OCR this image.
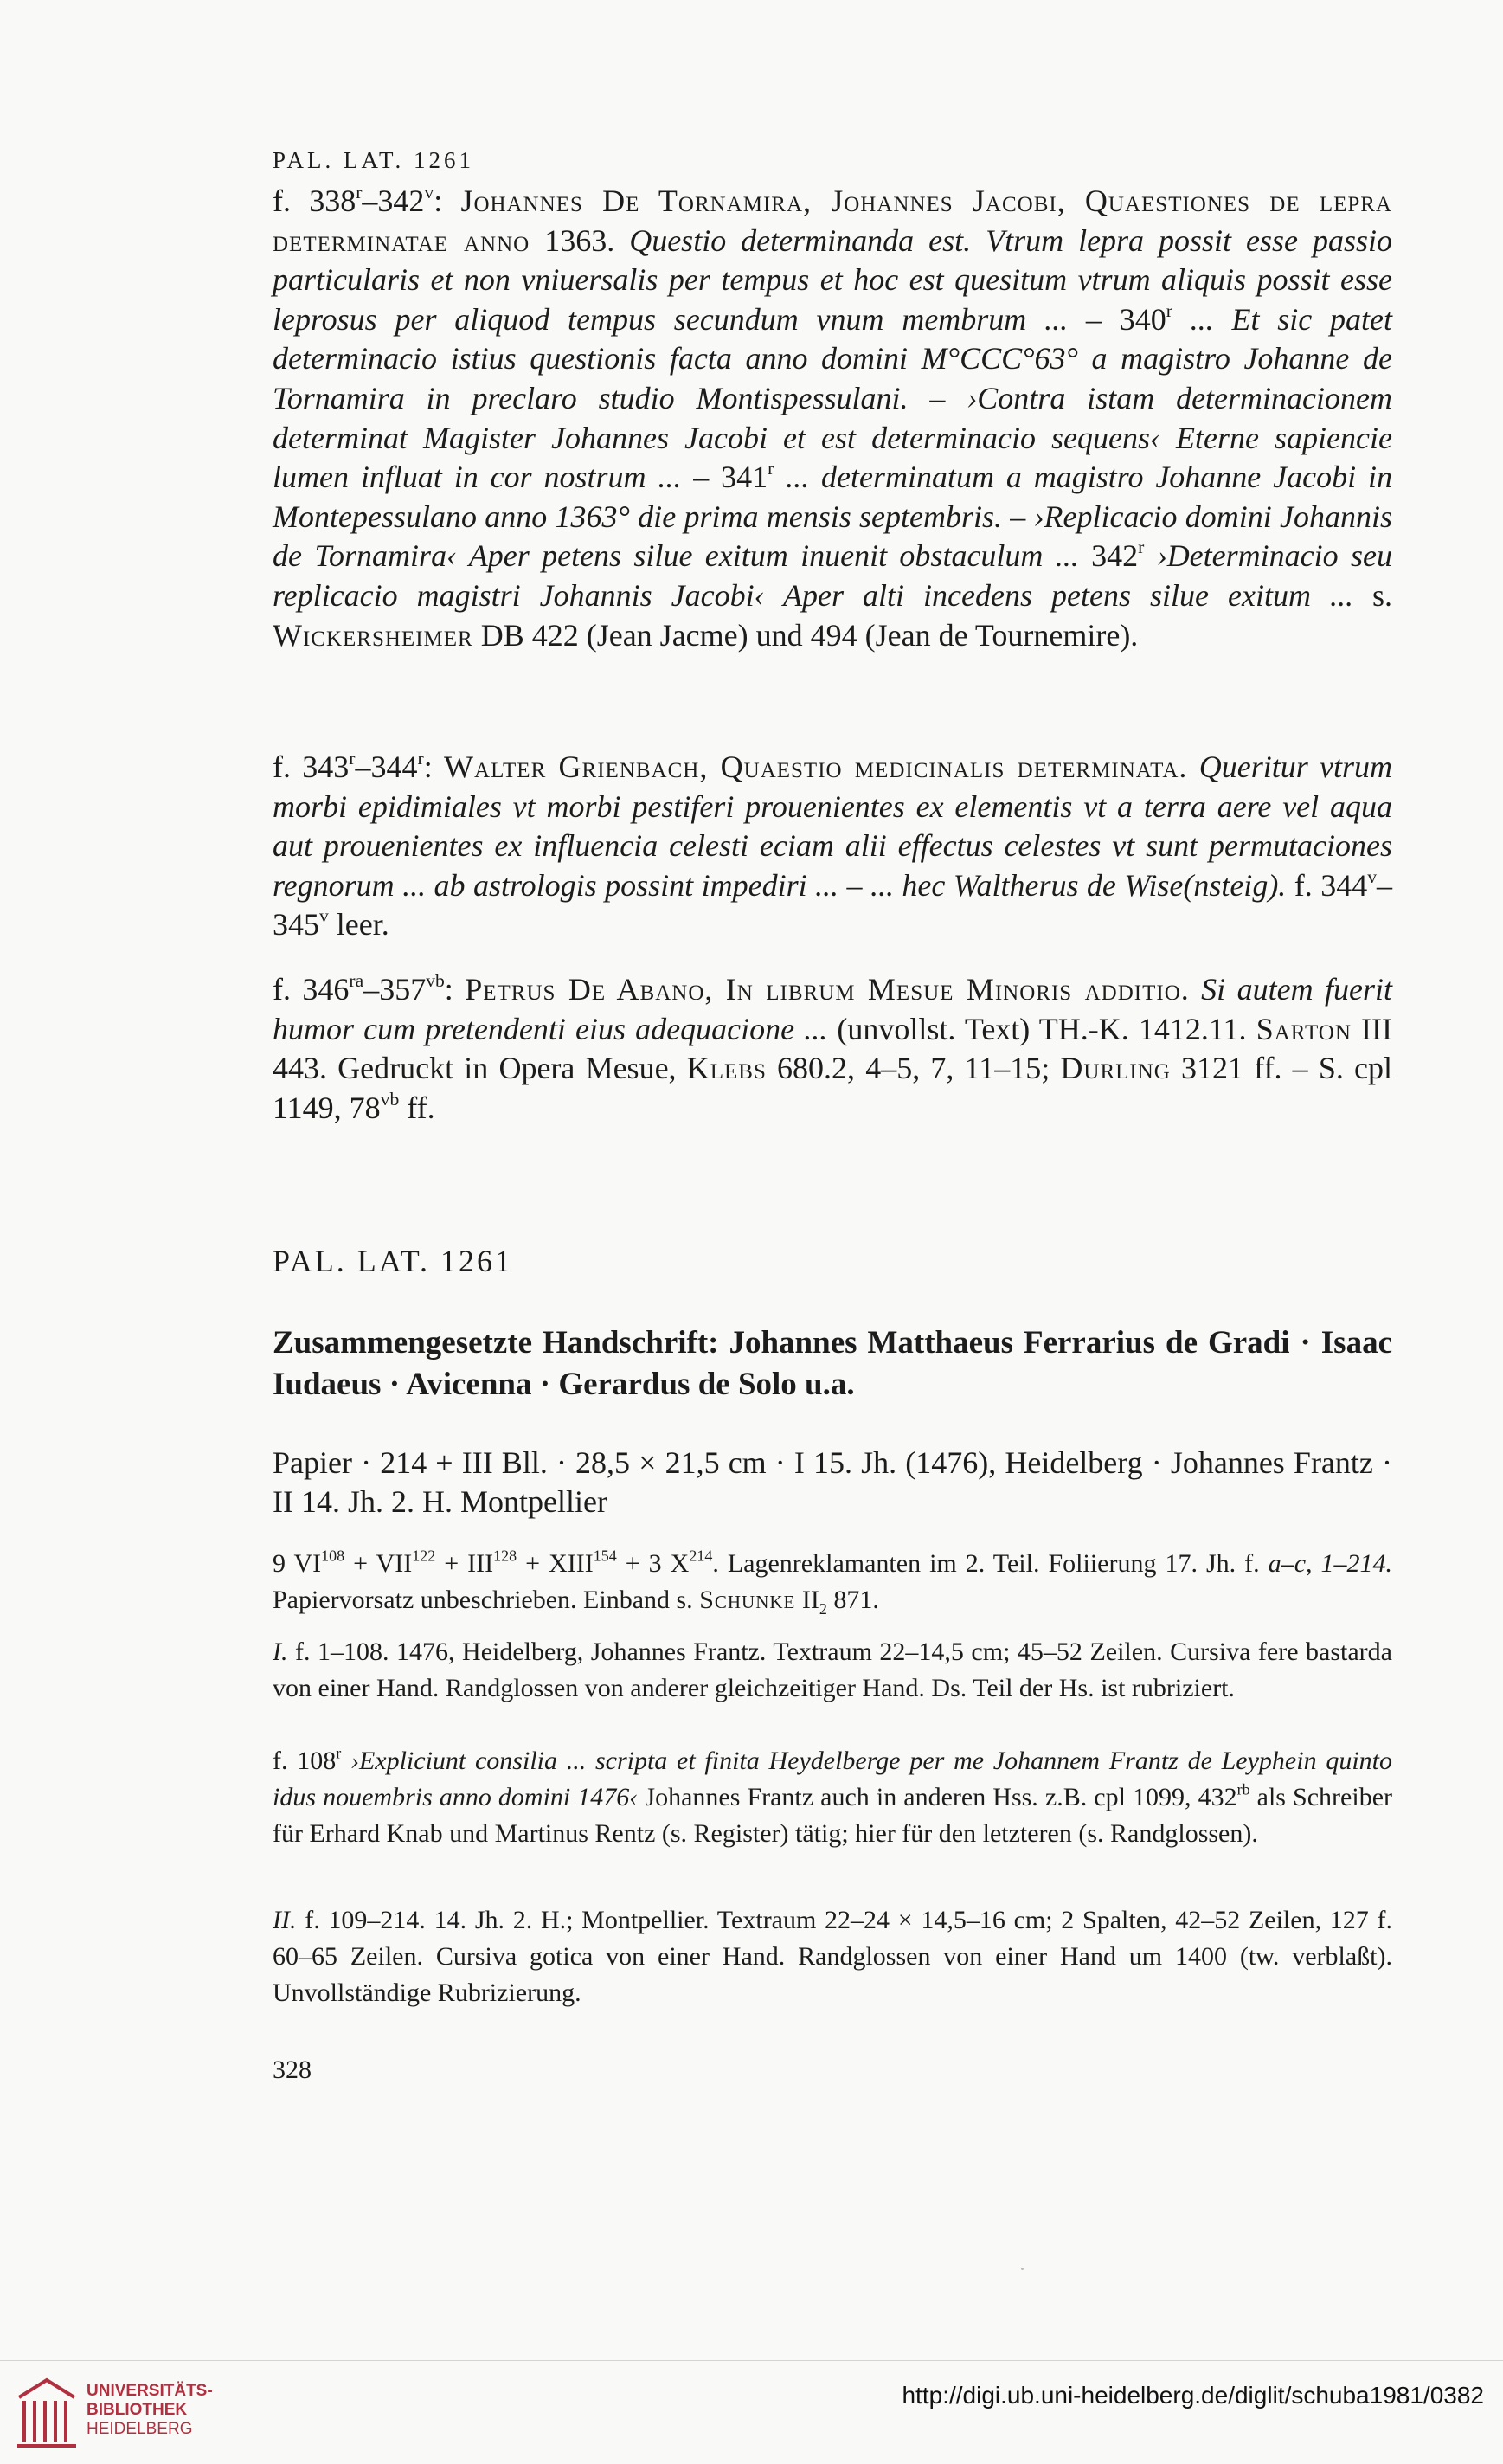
PAL. LAT. 1261
f. 338$^r$–342$^v$: Johannes De Tornamira, Johannes Jacobi, Quaestiones de lepra determinatae anno 1363. Questio determinanda est. Vtrum lepra possit esse passio particularis et non vniuersalis per tempus et hoc est quesitum vtrum aliquis possit esse leprosus per aliquod tempus secundum vnum membrum ... – 340$^r$ ... Et sic patet determinacio istius questionis facta anno domini M°CCC°63° a magistro Johanne de Tornamira in preclaro studio Montispessulani. – ›Contra istam determinacionem determinat Magister Johannes Jacobi et est determinacio sequens‹ Eterne sapiencie lumen influat in cor nostrum ... – 341$^r$ ... determinatum a magistro Johanne Jacobi in Montepessulano anno 1363° die prima mensis septembris. – ›Replicacio domini Johannis de Tornamira‹ Aper petens silue exitum inuenit obstaculum ... 342$^r$ ›Determinacio seu replicacio magistri Johannis Jacobi‹ Aper alti incedens petens silue exitum ... s. Wickersheimer DB 422 (Jean Jacme) und 494 (Jean de Tournemire).
f. 343$^r$–344$^r$: Walter Grienbach, Quaestio medicinalis determinata. Queritur vtrum morbi epidimiales vt morbi pestiferi prouenientes ex elementis vt a terra aere vel aqua aut prouenientes ex influencia celesti eciam alii effectus celestes vt sunt permutaciones regnorum ... ab astrologis possint impediri ... – ... hec Waltherus de Wise(nsteig). f. 344$^v$–345$^v$ leer.
f. $346^{ra}-357^{vb}$: Petrus De Abano, In librum Mesue Minoris additio. Si autem fuerit humor cum pretendenti eius adequacione ... (unvollst. Text) TH.-K. 1412.11. Sarton III 443. Gedruckt in Opera Mesue, Klebs 680.2, 4–5, 7, 11–15; Durling 3121 ff. – S. cpl 1149, $78^{vb}$ ff.
PAL. LAT. 1261
Zusammengesetzte Handschrift: Johannes Matthaeus Ferrarius de Gradi · Isaac Iudaeus · Avicenna · Gerardus de Solo u.a.
Papier · 214 + III Bll. · 28,5 × 21,5 cm · I 15. Jh. (1476), Heidelberg · Johannes Frantz · II 14. Jh. 2. H. Montpellier
9 $VI^{108} + VII^{122} + III^{128}$ + $XIII^{154} + 3$ $X^{214}$. Lagenreklamanten im 2. Teil. Foliierung 17. Jh. f. a–c, 1–214. Papiervorsatz unbeschrieben. Einband s. Schunke $II_2$ 871.
I. f. 1–108. 1476, Heidelberg, Johannes Frantz. Textraum 22–14,5 cm; 45–52 Zeilen. Cursiva fere bastarda von einer Hand. Randglossen von anderer gleichzeitiger Hand. Ds. Teil der Hs. ist rubriziert.
f. 108$^r$ ›Expliciunt consilia ... scripta et finita Heydelberge per me Johannem Frantz de Leyphein quinto idus nouembris anno domini 1476‹ Johannes Frantz auch in anderen Hss. z.B. cpl 1099, $432^{rb}$ als Schreiber für Erhard Knab und Martinus Rentz (s. Register) tätig; hier für den letzteren (s. Randglossen).
II. f. 109–214. 14. Jh. 2. H.; Montpellier. Textraum 22–24 × 14,5–16 cm; 2 Spalten, 42–52 Zeilen, 127 f. 60–65 Zeilen. Cursiva gotica von einer Hand. Randglossen von einer Hand um 1400 (tw. verblaßt). Unvollständige Rubrizierung.
328
UNIVERSITÄTS-
BIBLIOTHEK
HEIDELBERG
http://digi.ub.uni-heidelberg.de/diglit/schuba1981/0382
